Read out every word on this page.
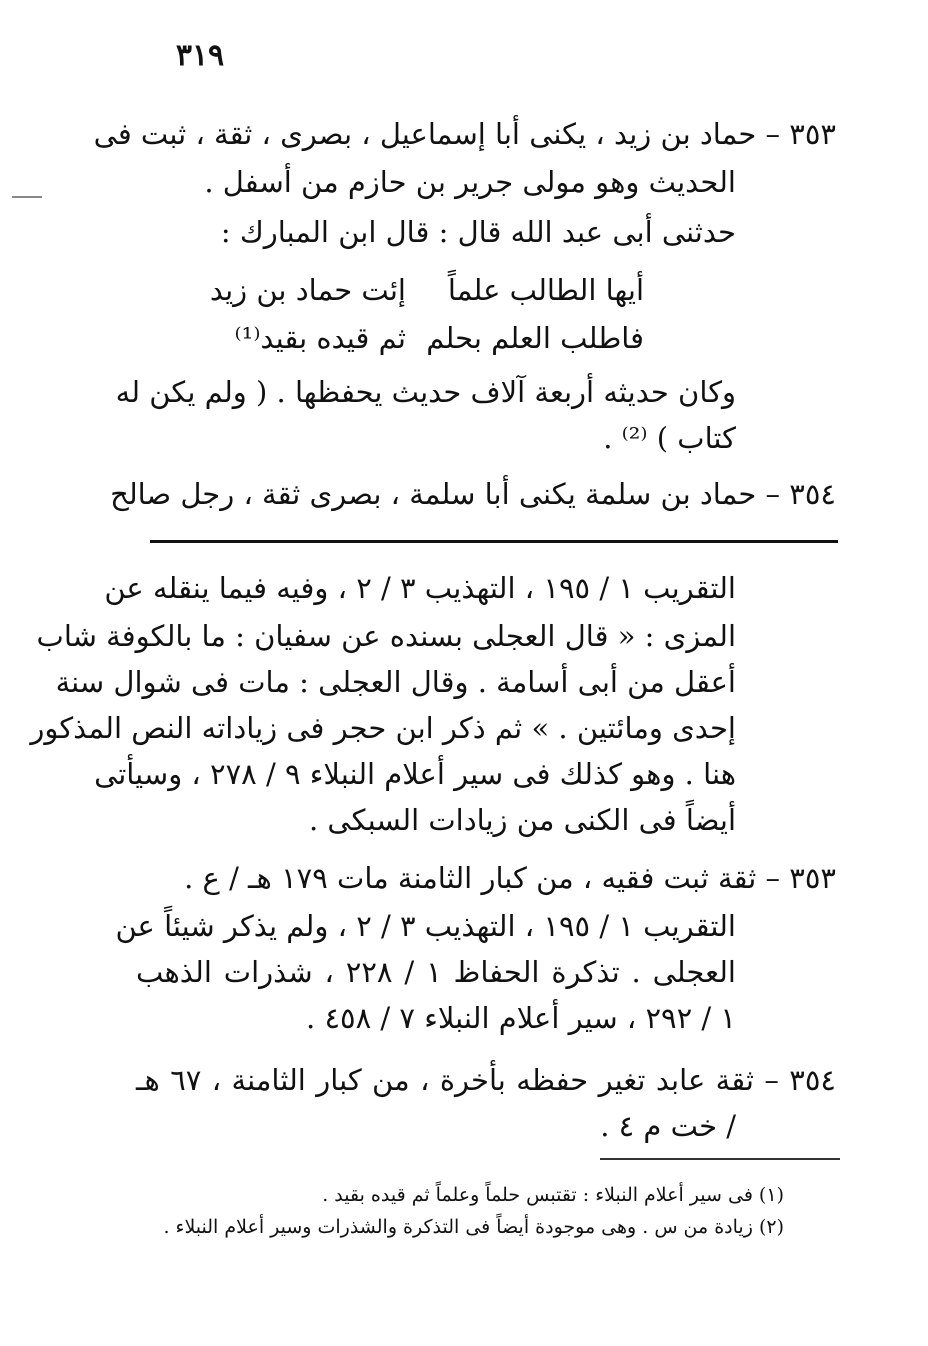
٣١٩
٣٥٣ – حماد بن زيد ، يكنى أبا إسماعيل ، بصرى ، ثقة ، ثبت فى
الحديث وهو مولى جرير بن حازم من أسفل .
حدثنى أبى عبد الله قال : قال ابن المبارك :
أيها الطالب علماً
إئت حماد بن زيد
فاطلب العلم بحلم
ثم قيده بقيد⁽¹⁾
وكان حديثه أربعة آلاف حديث يحفظها . ( ولم يكن له
كتاب ) ⁽²⁾ .
٣٥٤ – حماد بن سلمة يكنى أبا سلمة ، بصرى ثقة ، رجل صالح
التقريب ١ / ١٩٥ ، التهذيب ٣ / ٢ ، وفيه فيما ينقله عن
المزى : « قال العجلى بسنده عن سفيان : ما بالكوفة شاب
أعقل من أبى أسامة . وقال العجلى : مات فى شوال سنة
إحدى ومائتين . » ثم ذكر ابن حجر فى زياداته النص المذكور
هنا . وهو كذلك فى سير أعلام النبلاء ٩ / ٢٧٨ ، وسيأتى
أيضاً فى الكنى من زيادات السبكى .
٣٥٣ – ثقة ثبت فقيه ، من كبار الثامنة مات ١٧٩ هـ / ع .
التقريب ١ / ١٩٥ ، التهذيب ٣ / ٢ ، ولم يذكر شيئاً عن
العجلى . تذكرة الحفاظ ١ / ٢٢٨ ، شذرات الذهب
١ / ٢٩٢ ، سير أعلام النبلاء ٧ / ٤٥٨ .
٣٥٤ – ثقة عابد تغير حفظه بأخرة ، من كبار الثامنة ، ٦٧ هـ
/ خت م ٤ .
(١) فى سير أعلام النبلاء : تقتبس حلماً وعلماً ثم قيده بقيد .
(٢) زيادة من س . وهى موجودة أيضاً فى التذكرة والشذرات وسير أعلام النبلاء .
